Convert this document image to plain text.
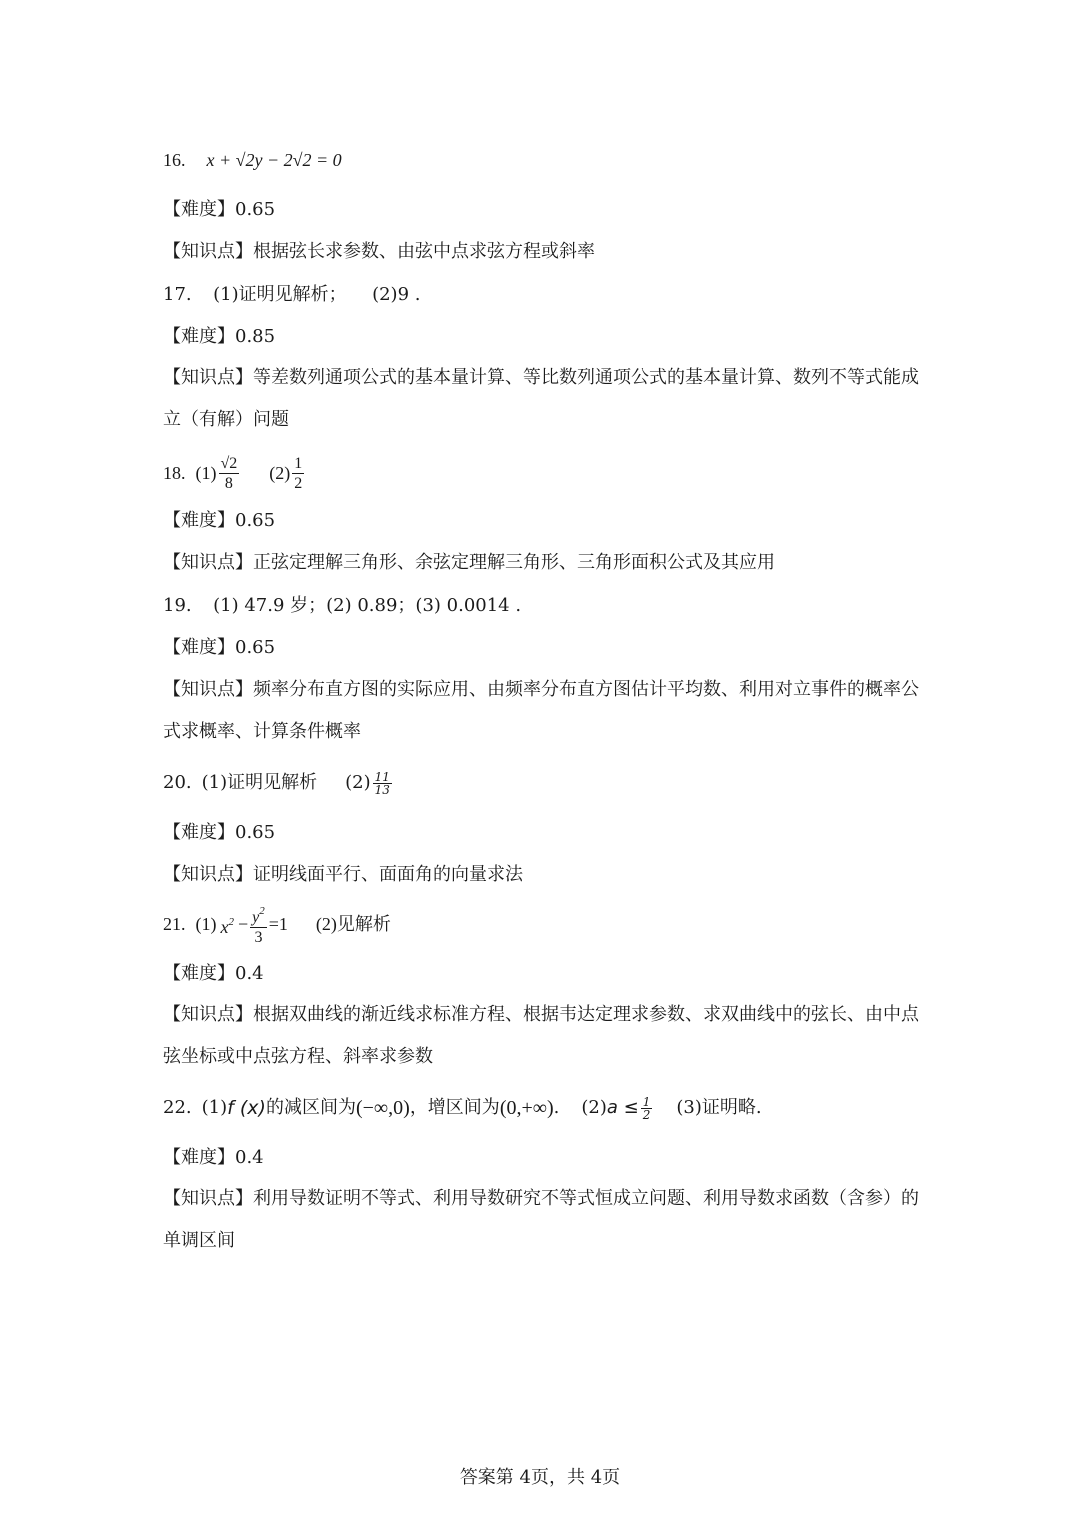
16. x + √2y − 2√2 = 0
【难度】0.65
【知识点】根据弦长求参数、由弦中点求弦方程或斜率
17. (1)证明见解析； (2)9 .
【难度】0.85
【知识点】等差数列通项公式的基本量计算、等比数列通项公式的基本量计算、数列不等式能成立（有解）问题
18. $(1) \frac{√2}{8} (2) \frac{1}{2}$
【难度】0.65
【知识点】正弦定理解三角形、余弦定理解三角形、三角形面积公式及其应用
19. (1) 47.9 岁；(2) 0.89；(3) 0.0014 .
【难度】0.65
【知识点】频率分布直方图的实际应用、由频率分布直方图估计平均数、利用对立事件的概率公式求概率、计算条件概率
20. (1)证明见解析 $(2) \frac{11}{13}$
【难度】0.65
【知识点】证明线面平行、面面角的向量求法
21. (1) $x^2 - \frac{y^2}{3} =1$ (2)见解析
【难度】0.4
【知识点】根据双曲线的渐近线求标准方程、根据韦达定理求参数、求双曲线中的弦长、由中点弦坐标或中点弦方程、斜率求参数
22. (1) f (x) 的减区间为 (−∞,0) ，增区间为 (0,+∞) . (2) $a \le \frac{1}{2} (3)$证明略.
【难度】0.4
【知识点】利用导数证明不等式、利用导数研究不等式恒成立问题、利用导数求函数（含参）的单调区间
答案第 4页，共 4页
